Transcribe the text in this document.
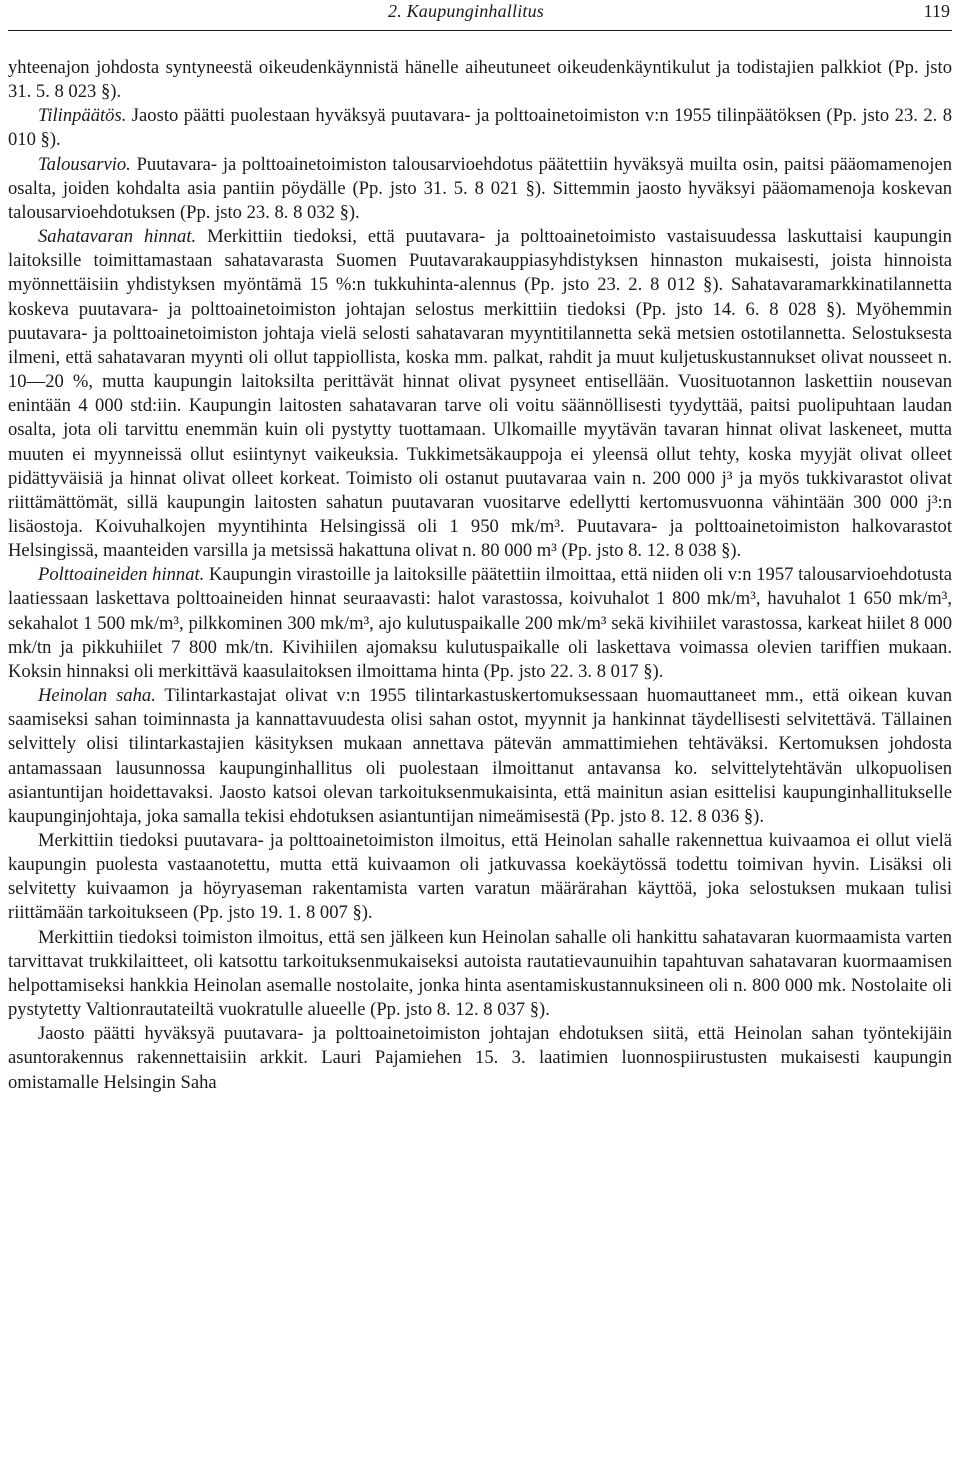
2. Kaupunginhallitus	119

yhteenajon johdosta syntyneestä oikeudenkäynnistä hänelle aiheutuneet oikeudenkäyntikulut ja todistajien palkkiot (Pp. jsto 31. 5. 8 023 §).

Tilinpäätös. Jaosto päätti puolestaan hyväksyä puutavara- ja polttoainetoimiston v:n 1955 tilinpäätöksen (Pp. jsto 23. 2. 8 010 §).

Talousarvio. Puutavara- ja polttoainetoimiston talousarvioehdotus päätettiin hyväksyä muilta osin, paitsi pääomamenojen osalta, joiden kohdalta asia pantiin pöydälle (Pp. jsto 31. 5. 8 021 §). Sittemmin jaosto hyväksyi pääomamenoja koskevan talousarvioehdotuksen (Pp. jsto 23. 8. 8 032 §).

Sahatavaran hinnat. Merkittiin tiedoksi, että puutavara- ja polttoainetoimisto vastaisuudessa laskuttaisi kaupungin laitoksille toimittamastaan sahatavarasta Suomen Puutavarakauppiasyhdistyksen hinnaston mukaisesti, joista hinnoista myönnettäisiin yhdistyksen myöntämä 15 %:n tukkuhinta-alennus (Pp. jsto 23. 2. 8 012 §). Sahatavaramarkkinatilannetta koskeva puutavara- ja polttoainetoimiston johtajan selostus merkittiin tiedoksi (Pp. jsto 14. 6. 8 028 §). Myöhemmin puutavara- ja polttoainetoimiston johtaja vielä selosti sahatavaran myyntitilannetta sekä metsien ostotilannetta. Selostuksesta ilmeni, että sahatavaran myynti oli ollut tappiollista, koska mm. palkat, rahdit ja muut kuljetuskustannukset olivat nousseet n. 10—20 %, mutta kaupungin laitoksilta perittävät hinnat olivat pysyneet entisellään. Vuosituotannon laskettiin nousevan enintään 4 000 std:iin. Kaupungin laitosten sahatavaran tarve oli voitu säännöllisesti tyydyttää, paitsi puolipuhtaan laudan osalta, jota oli tarvittu enemmän kuin oli pystytty tuottamaan. Ulkomaille myytävän tavaran hinnat olivat laskeneet, mutta muuten ei myynneissä ollut esiintynyt vaikeuksia. Tukkimetsäkauppoja ei yleensä ollut tehty, koska myyjät olivat olleet pidättyväisiä ja hinnat olivat olleet korkeat. Toimisto oli ostanut puutavaraa vain n. 200 000 j³ ja myös tukkivarastot olivat riittämättömät, sillä kaupungin laitosten sahatun puutavaran vuositarve edellytti kertomusvuonna vähintään 300 000 j³:n lisäostoja. Koivuhalkojen myyntihinta Helsingissä oli 1 950 mk/m³. Puutavara- ja polttoainetoimiston halkovarastot Helsingissä, maanteiden varsilla ja metsissä hakattuna olivat n. 80 000 m³ (Pp. jsto 8. 12. 8 038 §).

Polttoaineiden hinnat. Kaupungin virastoille ja laitoksille päätettiin ilmoittaa, että niiden oli v:n 1957 talousarvioehdotusta laatiessaan laskettava polttoaineiden hinnat seuraavasti: halot varastossa, koivuhalot 1 800 mk/m³, havuhalot 1 650 mk/m³, sekahalot 1 500 mk/m³, pilkkominen 300 mk/m³, ajo kulutuspaikalle 200 mk/m³ sekä kivihiilet varastossa, karkeat hiilet 8 000 mk/tn ja pikkuhiilet 7 800 mk/tn. Kivihiilen ajomaksu kulutuspaikalle oli laskettava voimassa olevien tariffien mukaan. Koksin hinnaksi oli merkittävä kaasulaitoksen ilmoittama hinta (Pp. jsto 22. 3. 8 017 §).

Heinolan saha. Tilintarkastajat olivat v:n 1955 tilintarkastuskertomuksessaan huomauttaneet mm., että oikean kuvan saamiseksi sahan toiminnasta ja kannattavuudesta olisi sahan ostot, myynnit ja hankinnat täydellisesti selvitettävä. Tällainen selvittely olisi tilintarkastajien käsityksen mukaan annettava pätevän ammattimiehen tehtäväksi. Kertomuksen johdosta antamassaan lausunnossa kaupunginhallitus oli puolestaan ilmoittanut antavansa ko. selvittelytehtävän ulkopuolisen asiantuntijan hoidettavaksi. Jaosto katsoi olevan tarkoituksenmukaisinta, että mainitun asian esittelisi kaupunginhallitukselle kaupunginjohtaja, joka samalla tekisi ehdotuksen asiantuntijan nimeämisestä (Pp. jsto 8. 12. 8 036 §).

Merkittiin tiedoksi puutavara- ja polttoainetoimiston ilmoitus, että Heinolan sahalle rakennettua kuivaamoa ei ollut vielä kaupungin puolesta vastaanotettu, mutta että kuivaamon oli jatkuvassa koekäytössä todettu toimivan hyvin. Lisäksi oli selvitetty kuivaamon ja höyryaseman rakentamista varten varatun määrärahan käyttöä, joka selostuksen mukaan tulisi riittämään tarkoitukseen (Pp. jsto 19. 1. 8 007 §).

Merkittiin tiedoksi toimiston ilmoitus, että sen jälkeen kun Heinolan sahalle oli hankittu sahatavaran kuormaamista varten tarvittavat trukkilaitteet, oli katsottu tarkoituksenmukaiseksi autoista rautatievaunuihin tapahtuvan sahatavaran kuormaamisen helpottamiseksi hankkia Heinolan asemalle nostolaite, jonka hinta asentamiskustannuksineen oli n. 800 000 mk. Nostolaite oli pystytetty Valtionrautateiltä vuokratulle alueelle (Pp. jsto 8. 12. 8 037 §).

Jaosto päätti hyväksyä puutavara- ja polttoainetoimiston johtajan ehdotuksen siitä, että Heinolan sahan työntekijäin asuntorakennus rakennettaisiin arkkit. Lauri Pajamiehen 15. 3. laatimien luonnospiirustusten mukaisesti kaupungin omistamalle Helsingin Saha
